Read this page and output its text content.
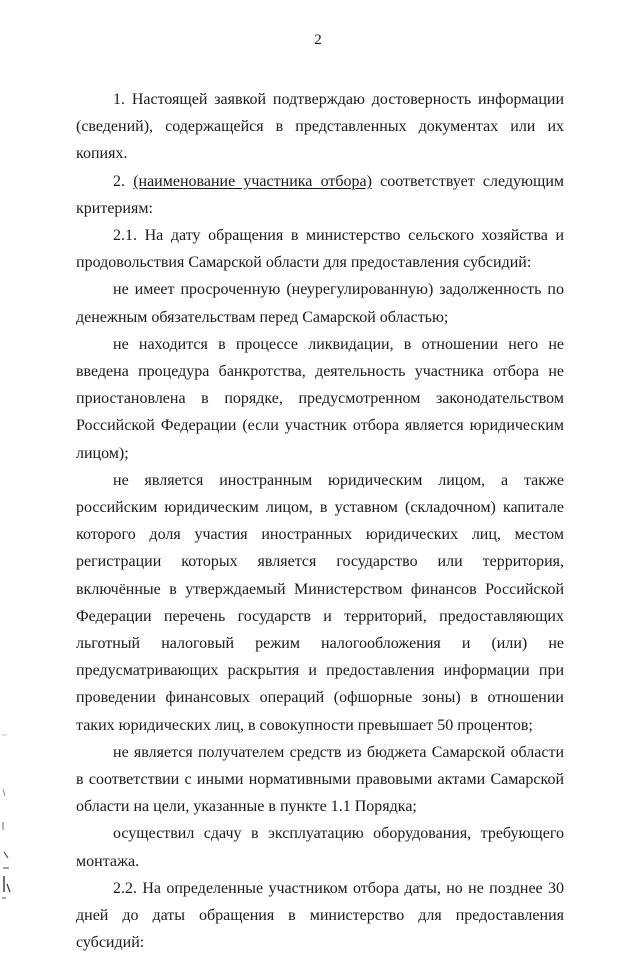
2

1. Настоящей заявкой подтверждаю достоверность информации (сведений), содержащейся в представленных документах или их копиях.

2. (наименование участника отбора) соответствует следующим критериям:

2.1. На дату обращения в министерство сельского хозяйства и продовольствия Самарской области для предоставления субсидий:

не имеет просроченную (неурегулированную) задолженность по денежным обязательствам перед Самарской областью;

не находится в процессе ликвидации, в отношении него не введена процедура банкротства, деятельность участника отбора не приостановлена в порядке, предусмотренном законодательством Российской Федерации (если участник отбора является юридическим лицом);

не является иностранным юридическим лицом, а также российским юридическим лицом, в уставном (складочном) капитале которого доля участия иностранных юридических лиц, местом регистрации которых является государство или территория, включённые в утверждаемый Министерством финансов Российской Федерации перечень государств и территорий, предоставляющих льготный налоговый режим налогообложения и (или) не предусматривающих раскрытия и предоставления информации при проведении финансовых операций (офшорные зоны) в отношении таких юридических лиц, в совокупности превышает 50 процентов;

не является получателем средств из бюджета Самарской области в соответствии с иными нормативными правовыми актами Самарской области на цели, указанные в пункте 1.1 Порядка;

осуществил сдачу в эксплуатацию оборудования, требующего монтажа.

2.2. На определенные участником отбора даты, но не позднее 30 дней до даты обращения в министерство для предоставления субсидий:
